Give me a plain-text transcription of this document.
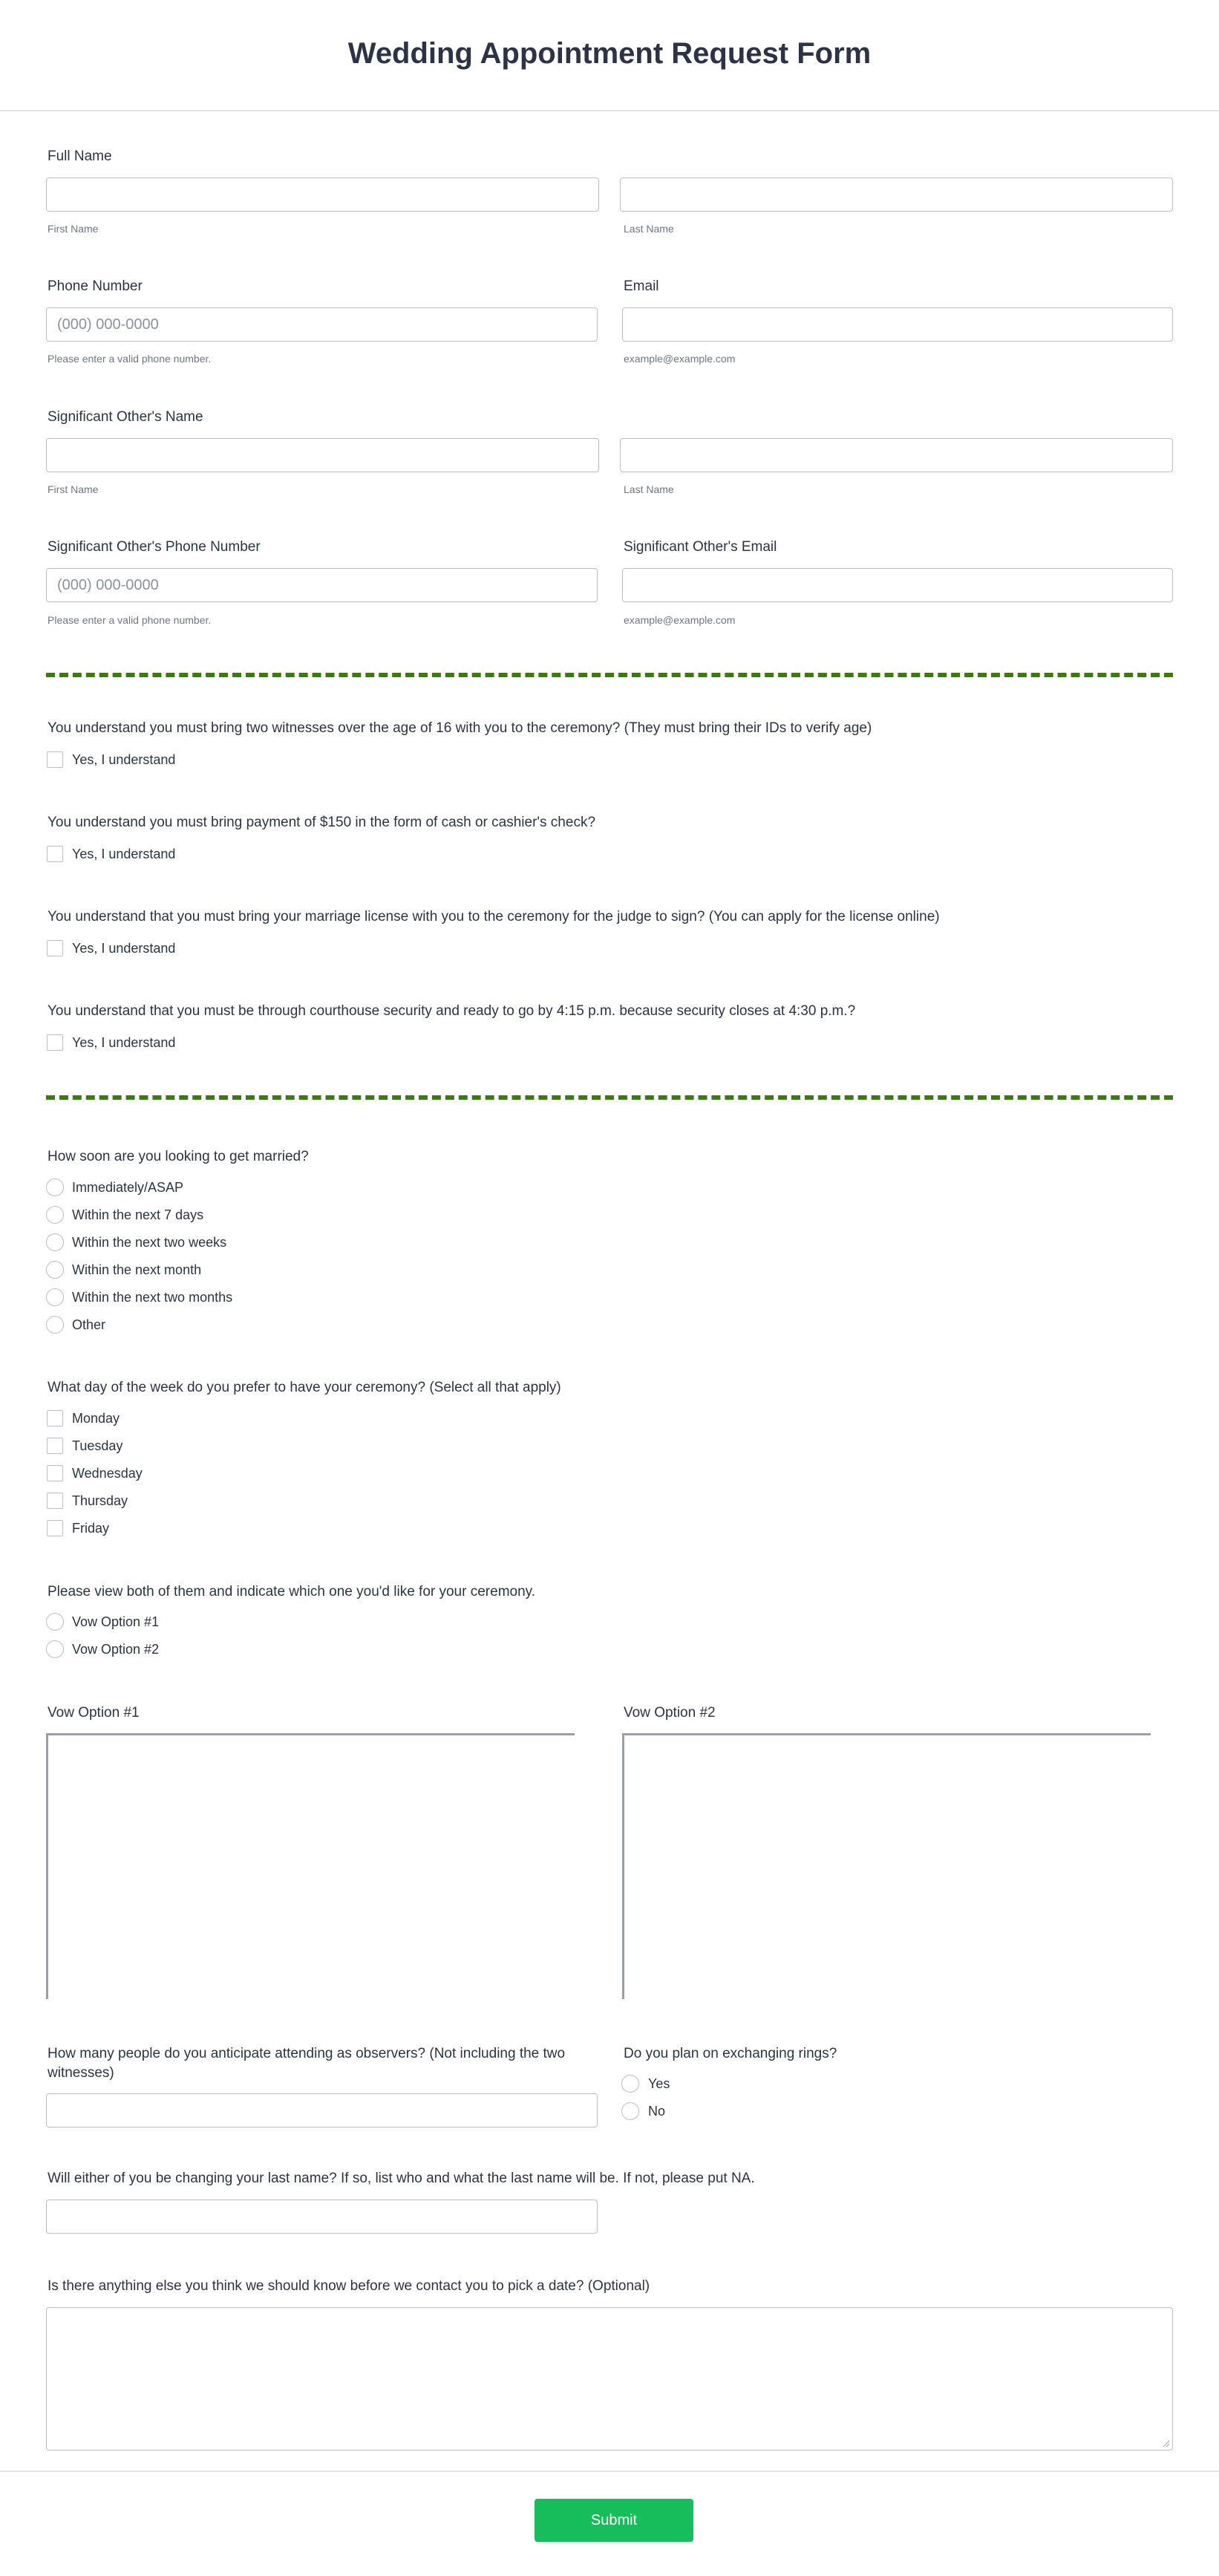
Wedding Appointment Request Form
Full Name
First Name	Last Name
Phone Number	Email
(000) 000-0000
Please enter a valid phone number.	example@example.com
Significant Other's Name
First Name	Last Name
Significant Other's Phone Number	Significant Other's Email
(000) 000-0000
Please enter a valid phone number.	example@example.com
You understand you must bring two witnesses over the age of 16 with you to the ceremony? (They must bring their IDs to verify age)
Yes, I understand
You understand you must bring payment of $150 in the form of cash or cashier's check?
Yes, I understand
You understand that you must bring your marriage license with you to the ceremony for the judge to sign? (You can apply for the license online)
Yes, I understand
You understand that you must be through courthouse security and ready to go by 4:15 p.m. because security closes at 4:30 p.m.?
Yes, I understand
How soon are you looking to get married?
Immediately/ASAP
Within the next 7 days
Within the next two weeks
Within the next month
Within the next two months
Other
What day of the week do you prefer to have your ceremony? (Select all that apply)
Monday
Tuesday
Wednesday
Thursday
Friday
Please view both of them and indicate which one you'd like for your ceremony.
Vow Option #1
Vow Option #2
Vow Option #1	Vow Option #2
How many people do you anticipate attending as observers? (Not including the two witnesses)
Do you plan on exchanging rings?
Yes
No
Will either of you be changing your last name? If so, list who and what the last name will be. If not, please put NA.
Is there anything else you think we should know before we contact you to pick a date? (Optional)
Submit
